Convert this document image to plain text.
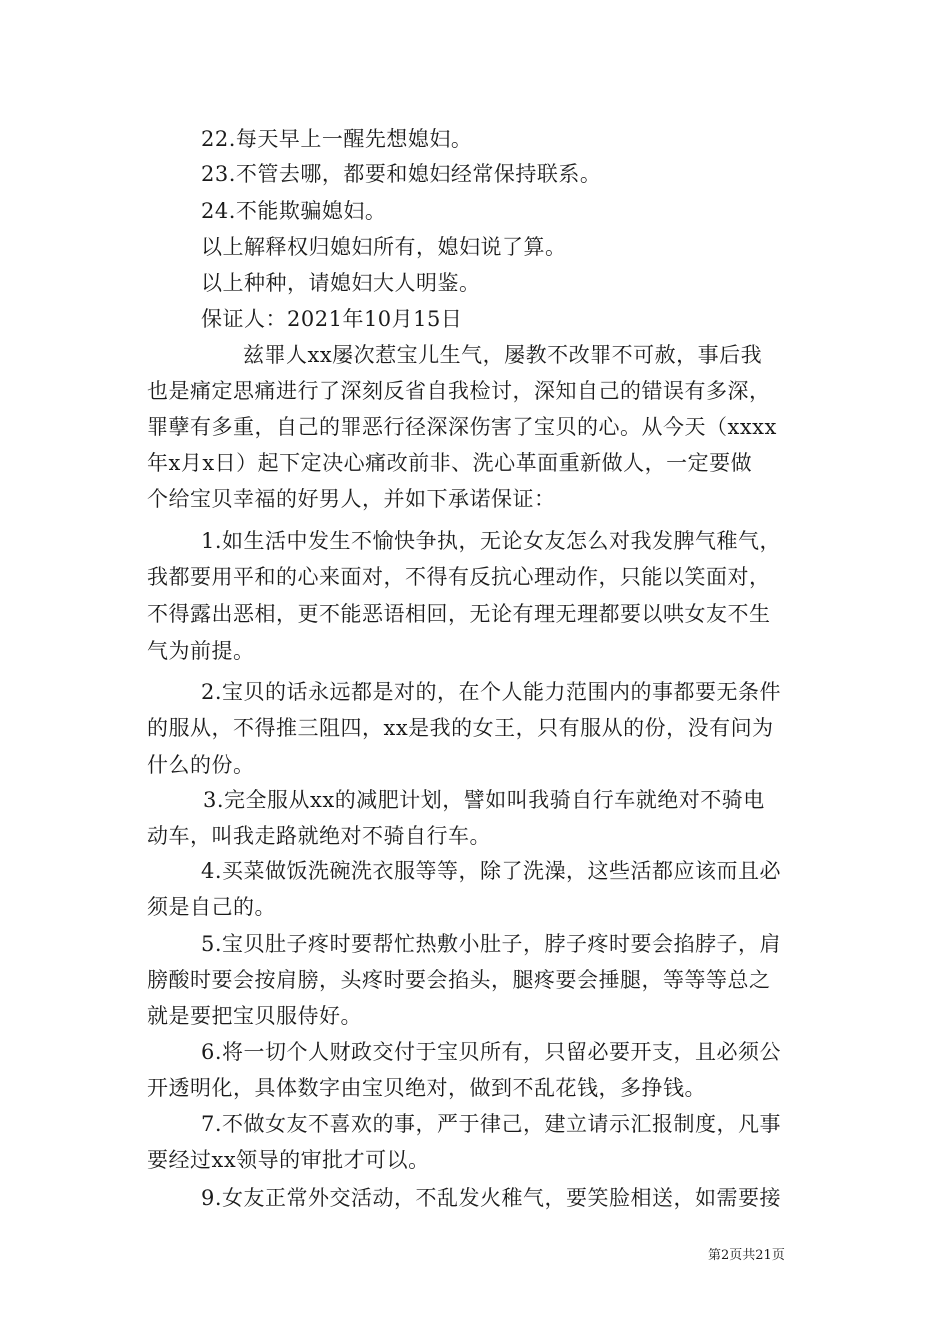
22.每天早上一醒先想媳妇。
23.不管去哪，都要和媳妇经常保持联系。
24.不能欺骗媳妇。
以上解释权归媳妇所有，媳妇说了算。
以上种种，请媳妇大人明鉴。
保证人：2021年10月15日
兹罪人xx屡次惹宝儿生气，屡教不改罪不可赦，事后我
也是痛定思痛进行了深刻反省自我检讨，深知自己的错误有多深，
罪孽有多重，自己的罪恶行径深深伤害了宝贝的心。从今天（xxxx
年x月x日）起下定决心痛改前非、洗心革面重新做人，一定要做
个给宝贝幸福的好男人，并如下承诺保证：
1.如生活中发生不愉快争执，无论女友怎么对我发脾气稚气，
我都要用平和的心来面对，不得有反抗心理动作，只能以笑面对，
不得露出恶相，更不能恶语相回，无论有理无理都要以哄女友不生
气为前提。
2.宝贝的话永远都是对的，在个人能力范围内的事都要无条件
的服从，不得推三阻四，xx是我的女王，只有服从的份，没有问为
什么的份。
3.完全服从xx的减肥计划，譬如叫我骑自行车就绝对不骑电
动车，叫我走路就绝对不骑自行车。
4.买菜做饭洗碗洗衣服等等，除了洗澡，这些活都应该而且必
须是自己的。
5.宝贝肚子疼时要帮忙热敷小肚子，脖子疼时要会掐脖子，肩
膀酸时要会按肩膀，头疼时要会掐头，腿疼要会捶腿，等等等总之
就是要把宝贝服侍好。
6.将一切个人财政交付于宝贝所有，只留必要开支，且必须公
开透明化，具体数字由宝贝绝对，做到不乱花钱，多挣钱。
7.不做女友不喜欢的事，严于律己，建立请示汇报制度，凡事
要经过xx领导的审批才可以。
9.女友正常外交活动，不乱发火稚气，要笑脸相送，如需要接
第2页共21页
